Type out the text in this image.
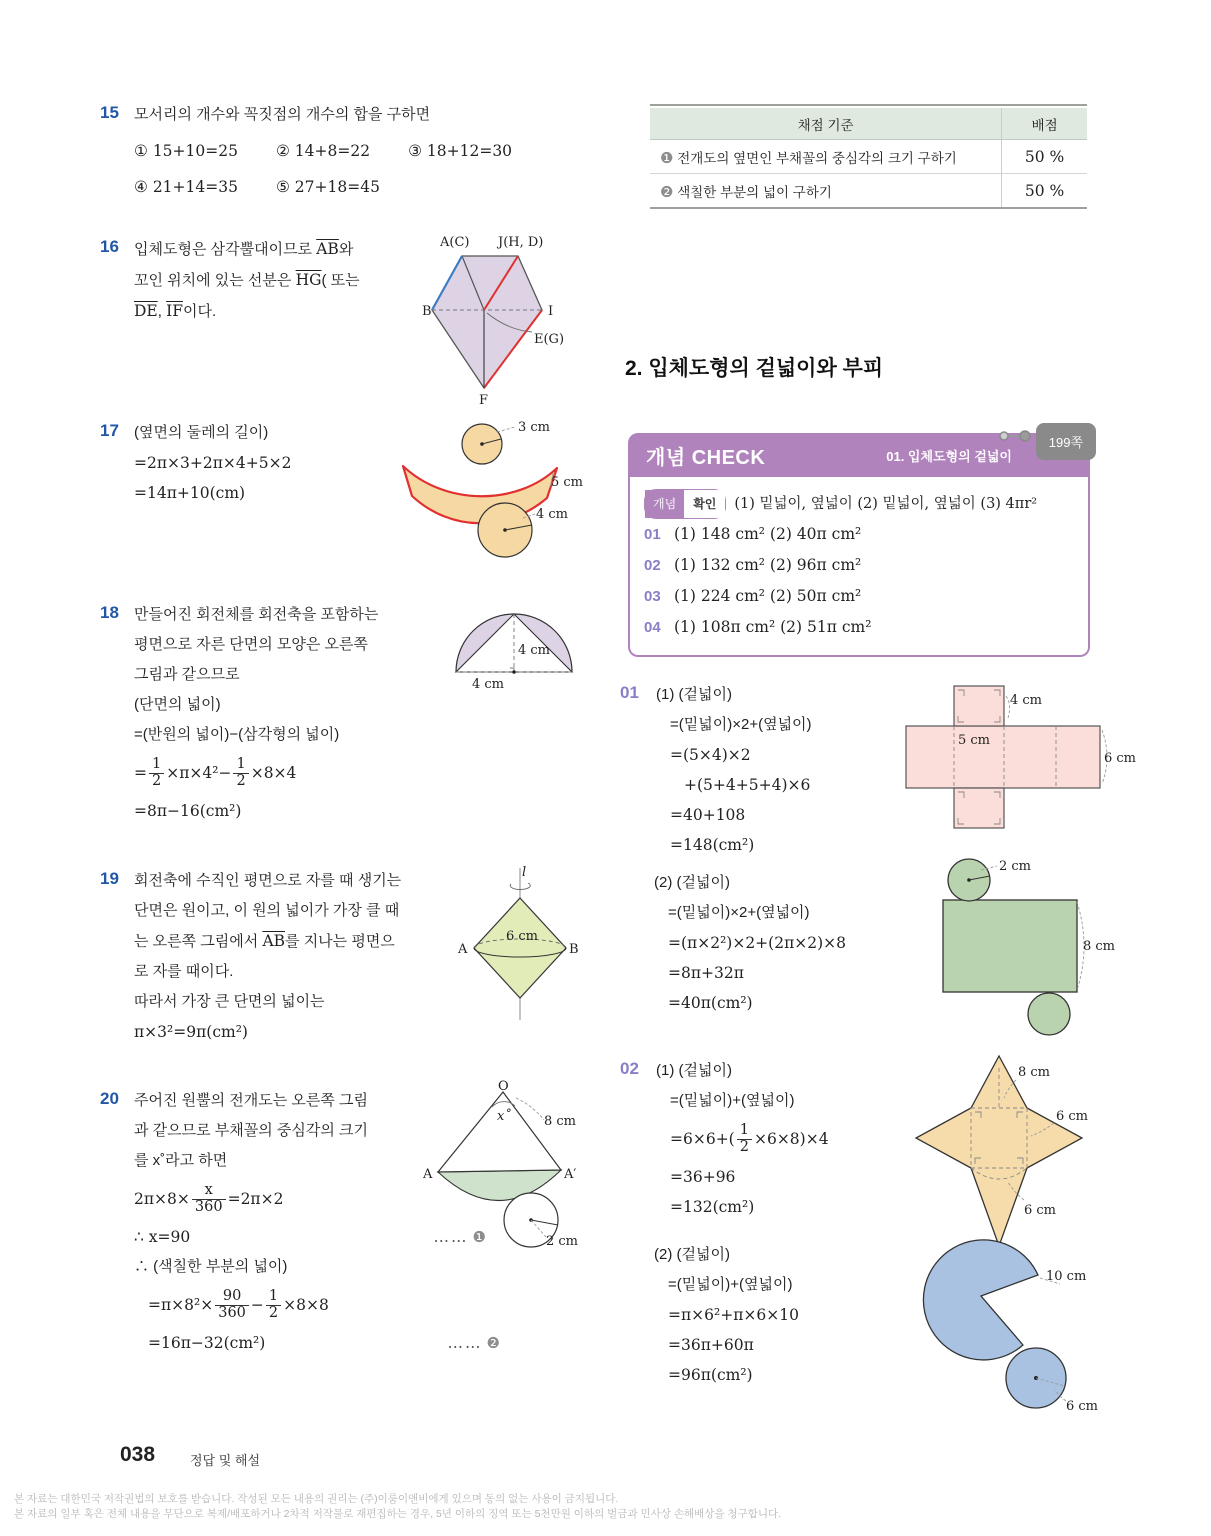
채점 기준	배점
❶ 전개도의 옆면인 부채꼴의 중심각의 크기 구하기	50 %
❷ 색칠한 부분의 넓이 구하기	50 %
15	모서리의 개수와 꼭짓점의 개수의 합을 구하면
① 15+10=25 ② 14+8=22 ③ 18+12=30
④ 21+14=35 ⑤ 27+18=45
16	입체도형은 삼각뿔대이므로 $\overline{AB}$와
꼬인 위치에 있는 선분은 $\overline{HG}$( 또는
$\overline{DE}$, $\overline{IF}$이다.
A(C) J(H, D)
B	I
E(G)
F
17	(옆면의 둘레의 길이)
=2π×3+2π×4+5×2
=14π+10(cm)
3 cm
5 cm
4 cm
18	만들어진 회전체를 회전축을 포함하는
평면으로 자른 단면의 모양은 오른쪽
그림과 같으므로
(단면의 넓이)
=(반원의 넓이)−(삼각형의 넓이)
= $\frac{1}{2} \times\pi\times 4^2- \frac{1}{2} \times 8\times 4$
=8π−16(cm²)
4 cm
4 cm
19	회전축에 수직인 평면으로 자를 때 생기는
단면은 원이고, 이 원의 넓이가 가장 클 때
는 오른쪽 그림에서 $\overline{AB}$를 지나는 평면으
로 자를 때이다.
따라서 가장 큰 단면의 넓이는
π×3²=9π(cm²)
l
6 cm
A	B
20	주어진 원뿔의 전개도는 오른쪽 그림
과 같으므로 부채꼴의 중심각의 크기
를 x˚라고 하면
$2\pi\times 8\times \frac{x}{360} =2\pi\times 2$
∴ x=90	…… ❶
∴ (색칠한 부분의 넓이)
$=\pi\times 8^2\times \frac{90}{360} - \frac{1}{2} \times 8\times 8$
=16π−32(cm²)	…… ❷
O
x˚	8 cm
A	A′
2 cm
2. 입체도형의 겉넓이와 부피
개념 CHECK	01. 입체도형의 겉넓이
199쪽
개념	확인	(1) 밑넓이, 옆넓이 (2) 밑넓이, 옆넓이 (3) 4πr²
01 (1) 148 cm² (2) 40π cm²
02 (1) 132 cm² (2) 96π cm²
03 (1) 224 cm² (2) 50π cm²
04 (1) 108π cm² (2) 51π cm²
01	(1) (겉넓이)
=(밑넓이)×2+(옆넓이)
=(5×4)×2
+(5+4+5+4)×6
=40+108
=148(cm²)
4 cm
5 cm
6 cm
(2) (겉넓이)
=(밑넓이)×2+(옆넓이)
=(π×2²)×2+(2π×2)×8
=8π+32π
=40π(cm²)
2 cm
8 cm
02	(1) (겉넓이)
=(밑넓이)+(옆넓이)
$=6\times 6+( \frac{1}{2} \times 6\times 8)\times 4$
=36+96
=132(cm²)
8 cm
6 cm
6 cm
(2) (겉넓이)
=(밑넓이)+(옆넓이)
=π×6²+π×6×10
=36π+60π
=96π(cm²)
10 cm
6 cm
038	정답 및 해설
본 자료는 대한민국 저작권법의 보호를 받습니다. 작성된 모든 내용의 권리는 (주)이룸이앤비에게 있으며 동의 없는 사용이 금지됩니다.
본 자료의 일부 혹은 전체 내용을 무단으로 복제/배포하거나 2차적 저작물로 재편집하는 경우, 5년 이하의 징역 또는 5천만원 이하의 벌금과 민사상 손해배상을 청구합니다.
